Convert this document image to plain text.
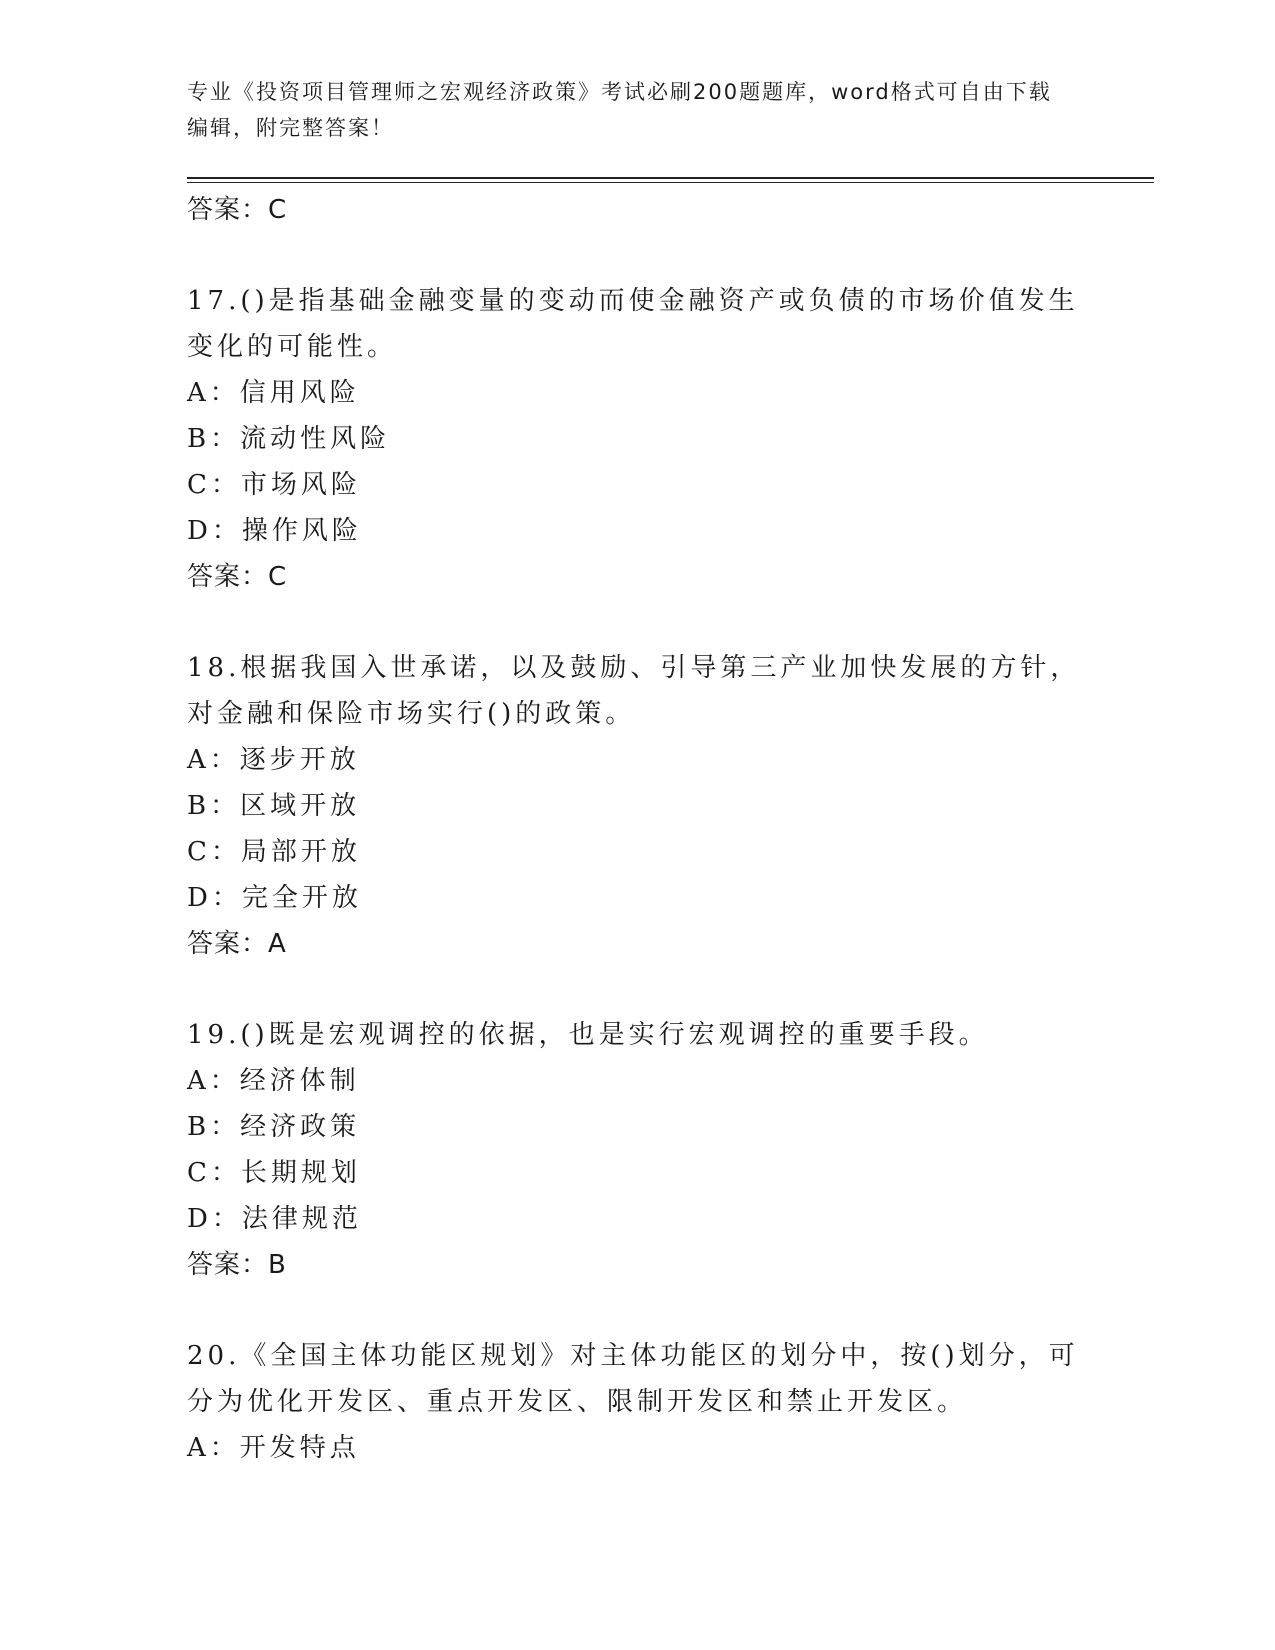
专业《投资项目管理师之宏观经济政策》考试必刷200题题库，word格式可自由下载编辑，附完整答案！
答案：C
17.()是指基础金融变量的变动而使金融资产或负债的市场价值发生变化的可能性。
A：信用风险
B：流动性风险
C：市场风险
D：操作风险
答案：C
18.根据我国入世承诺，以及鼓励、引导第三产业加快发展的方针，对金融和保险市场实行()的政策。
A：逐步开放
B：区域开放
C：局部开放
D：完全开放
答案：A
19.()既是宏观调控的依据，也是实行宏观调控的重要手段。
A：经济体制
B：经济政策
C：长期规划
D：法律规范
答案：B
20.《全国主体功能区规划》对主体功能区的划分中，按()划分，可分为优化开发区、重点开发区、限制开发区和禁止开发区。
A：开发特点
